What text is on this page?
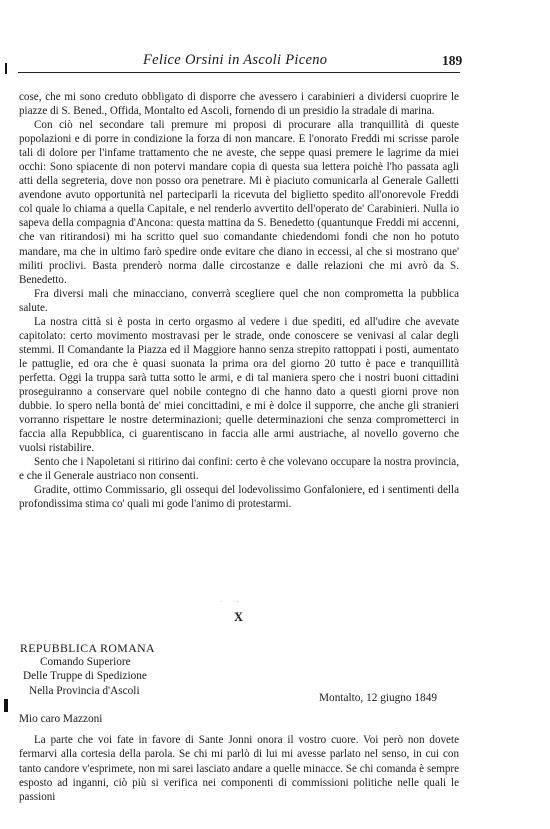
Felice Orsini in Ascoli Piceno	189

cose, che mi sono creduto obbligato di disporre che avessero i carabinieri a dividersi cuoprire le piazze di S. Bened., Offida, Montalto ed Ascoli, fornendo di un presidio la stradale di marina.

Con ciò nel secondare tali premure mi proposi di procurare alla tranquillità di queste popolazioni e di porre in condizione la forza di non mancare. E l'onorato Freddi mi scrisse parole tali di dolore per l'infame trattamento che ne aveste, che seppe quasi premere le lagrime da miei occhi: Sono spiacente di non potervi mandare copia di questa sua lettera poichè l'ho passata agli atti della segreteria, dove non posso ora penetrare. Mi è piaciuto comunicarla al Generale Galletti avendone avuto opportunità nel parteciparli la ricevuta del biglietto spedito all'onorevole Freddi col quale lo chiama a quella Capitale, e nel renderlo avvertito dell'operato de' Carabinieri. Nulla io sapeva della compagnia d'Ancona: questa mattina da S. Benedetto (quantunque Freddi mi accenni, che van ritirandosi) mi ha scritto quel suo comandante chiedendomi fondi che non ho potuto mandare, ma che in ultimo farò spedire onde evitare che diano in eccessi, al che si mostrano que' militi proclivi. Basta prenderò norma dalle circostanze e dalle relazioni che mi avrò da S. Benedetto.

Fra diversi mali che minacciano, converrà scegliere quel che non compromettа la pubblica salute.

La nostra città si è posta in certo orgasmo al vedere i due spediti, ed all'udire che avevate capitolato: certo movimento mostravasi per le strade, onde conoscere se venivasi al calar degli stemmi. Il Comandante la Piazza ed il Maggiore hanno senza strepito rattoppati i posti, aumentato le pattuglie, ed ora che è quasi suonata la prima ora del giorno 20 tutto è pace e tranquillità perfetta. Oggi la truppa sarà tutta sotto le armi, e di tal maniera spero che i nostri buoni cittadini proseguiranno a conservare quel nobile contegno di che hanno dato a questi giorni prove non dubbie. Io spero nella bontà de' miei concittadini, e mi è dolce il supporre, che anche gli stranieri vorranno rispettare le nostre determinazioni; quelle determinazioni che senza comprometterci in faccia alla Repubblica, ci guarentiscano in faccia alle armi austriache, al novello governo che vuolsi ristabilire.

Sento che i Napoletani si ritirino dai confini: certo è che volevano occupare la nostra provincia, e che il Generale austriaco non consenti.

Gradite, ottimo Commissario, gli ossequi del lodevolissimo Gonfaloniere, ed i sentimenti della profondissima stima co' quali mi gode l'animo di protestarmi.

· ·
X
REPUBBLICA ROMANA
Comando Superiore
Delle Truppe di Spedizione
Nella Provincia d'Ascoli
Montalto, 12 giugno 1849
Mio caro Mazzoni

La parte che voi fate in favore di Sante Jonni onora il vostro cuore. Voi però non dovete fermarvi alla cortesia della parola. Se chi mi parlò di lui mi avesse parlato nel senso, in cui con tanto candore v'esprimete, non mi sarei lasciato andare a quelle minacce. Se chi comanda è sempre esposto ad inganni, ciò più si verifica nei componenti di commissioni politiche nelle quali le passioni
